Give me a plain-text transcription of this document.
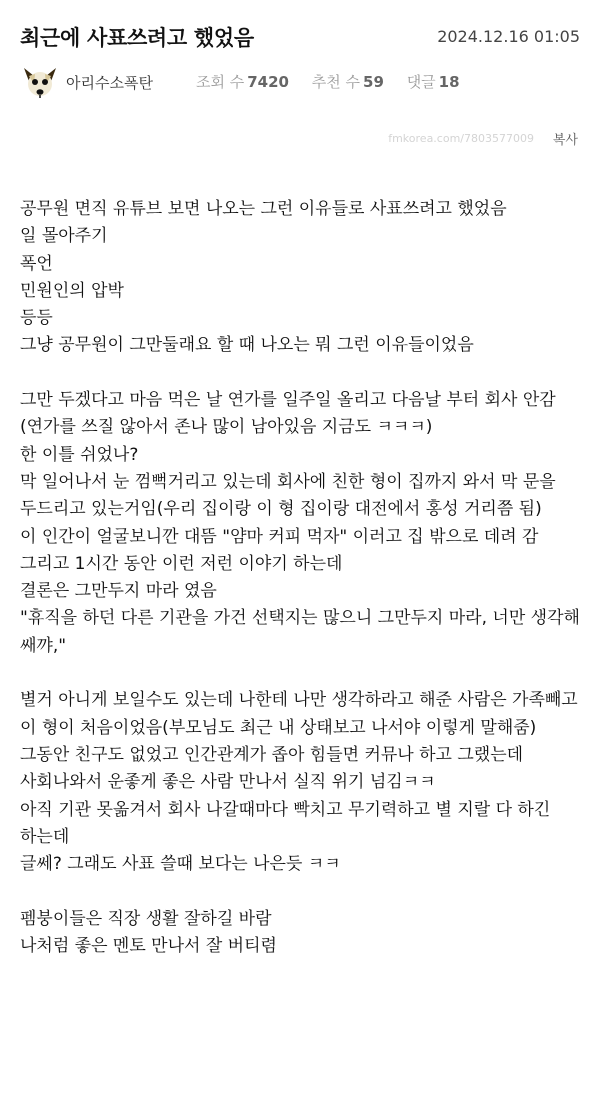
최근에 사표쓰려고 했었음	2024.12.16 01:05
아리수소폭탄	조회 수 7420 추천 수 59 댓글 18
fmkorea.com/7803577009 복사
공무원 면직 유튜브 보면 나오는 그런 이유들로 사표쓰려고 했었음
일 몰아주기
폭언
민원인의 압박
등등
그냥 공무원이 그만둘래요 할 때 나오는 뭐 그런 이유들이었음
그만 두겠다고 마음 먹은 날 연가를 일주일 올리고 다음날 부터 회사 안감(연가를 쓰질 않아서 존나 많이 남아있음 지금도 ㅋㅋㅋ)
한 이틀 쉬었나?
막 일어나서 눈 껌뻑거리고 있는데 회사에 친한 형이 집까지 와서 막 문을 두드리고 있는거임(우리 집이랑 이 형 집이랑 대전에서 홍성 거리쯤 됨)
이 인간이 얼굴보니깐 대뜸 "얌마 커피 먹자" 이러고 집 밖으로 데려 감
그리고 1시간 동안 이런 저런 이야기 하는데
결론은 그만두지 마라 였음
"휴직을 하던 다른 기관을 가건 선택지는 많으니 그만두지 마라, 너만 생각해 쌔꺄,"
별거 아니게 보일수도 있는데 나한테 나만 생각하라고 해준 사람은 가족빼고 이 형이 처음이었음(부모님도 최근 내 상태보고 나서야 이렇게 말해줌)
그동안 친구도 없었고 인간관계가 좁아 힘들면 커뮤나 하고 그랬는데 사회나와서 운좋게 좋은 사람 만나서 실직 위기 넘김ㅋㅋ
아직 기관 못옮겨서 회사 나갈때마다 빡치고 무기력하고 별 지랄 다 하긴 하는데
글쎄? 그래도 사표 쓸때 보다는 나은듯 ㅋㅋ
펨붕이들은 직장 생활 잘하길 바람
나처럼 좋은 멘토 만나서 잘 버티렴
